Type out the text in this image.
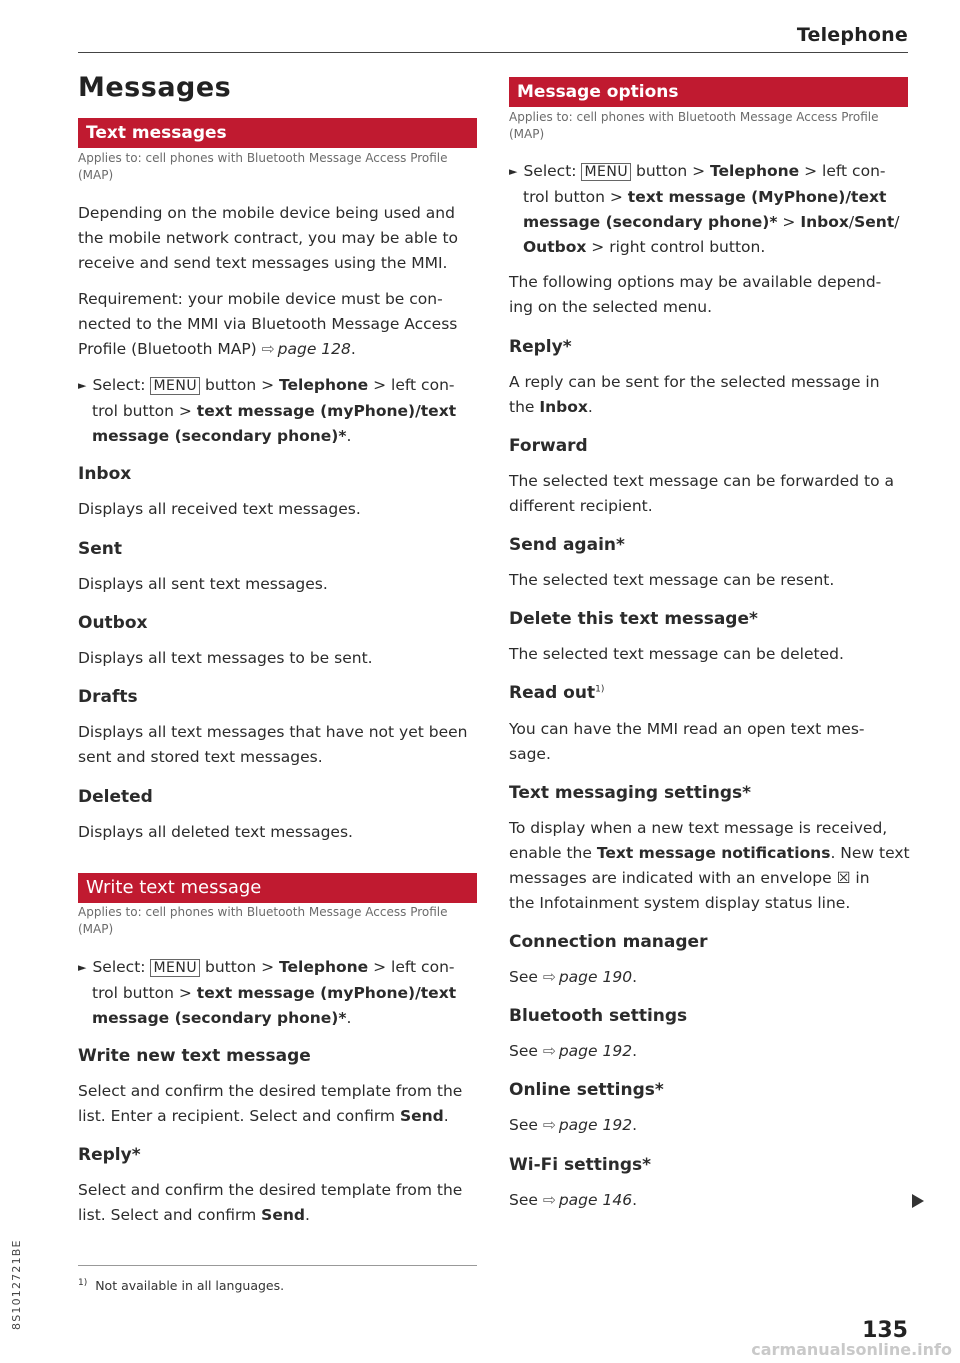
Telephone
Messages
Text messages
Applies to: cell phones with Bluetooth Message Access Profile
(MAP)
Depending on the mobile device being used and
the mobile network contract, you may be able to
receive and send text messages using the MMI.
Requirement: your mobile device must be con-
nected to the MMI via Bluetooth Message Access
Profile (Bluetooth MAP) ⇨ page 128.
► Select: MENU button > Telephone > left con-
trol button > text message (myPhone)/text
message (secondary phone)*.
Inbox
Displays all received text messages.
Sent
Displays all sent text messages.
Outbox
Displays all text messages to be sent.
Drafts
Displays all text messages that have not yet been
sent and stored text messages.
Deleted
Displays all deleted text messages.
Write text message
Applies to: cell phones with Bluetooth Message Access Profile
(MAP)
► Select: MENU button > Telephone > left con-
trol button > text message (myPhone)/text
message (secondary phone)*.
Write new text message
Select and confirm the desired template from the
list. Enter a recipient. Select and confirm Send.
Reply*
Select and confirm the desired template from the
list. Select and confirm Send.
$^{1)}$ Not available in all languages.
Message options
Applies to: cell phones with Bluetooth Message Access Profile
(MAP)
► Select: MENU button > Telephone > left con-
trol button > text message (MyPhone)/text
message (secondary phone)* > Inbox/Sent/
Outbox > right control button.
The following options may be available depend-
ing on the selected menu.
Reply*
A reply can be sent for the selected message in
the Inbox.
Forward
The selected text message can be forwarded to a
different recipient.
Send again*
The selected text message can be resent.
Delete this text message*
The selected text message can be deleted.
Read out$^{1)}$
You can have the MMI read an open text mes-
sage.
Text messaging settings*
To display when a new text message is received,
enable the Text message notifications. New text
messages are indicated with an envelope ☒ in
the Infotainment system display status line.
Connection manager
See ⇨ page 190.
Bluetooth settings
See ⇨ page 192.
Online settings*
See ⇨ page 192.
Wi-Fi settings*
See ⇨ page 146.
8S1012721BE
135
carmanualsonline.info
